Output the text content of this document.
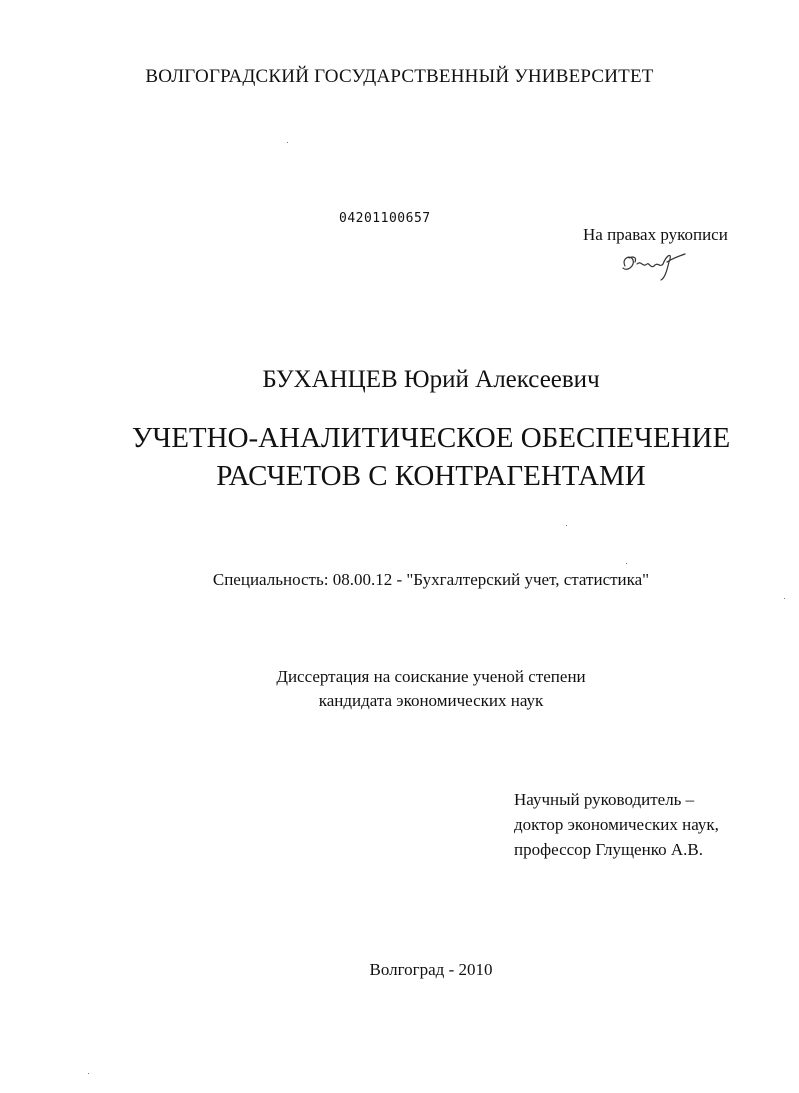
ВОЛГОГРАДСКИЙ ГОСУДАРСТВЕННЫЙ УНИВЕРСИТЕТ
04201100657
На правах рукописи
БУХАНЦЕВ Юрий Алексеевич
УЧЕТНО-АНАЛИТИЧЕСКОЕ ОБЕСПЕЧЕНИЕ
РАСЧЕТОВ С КОНТРАГЕНТАМИ
Специальность: 08.00.12 - "Бухгалтерский учет, статистика"
Диссертация на соискание ученой степени
кандидата экономических наук
Научный руководитель –
доктор экономических наук,
профессор Глущенко А.В.
Волгоград - 2010
